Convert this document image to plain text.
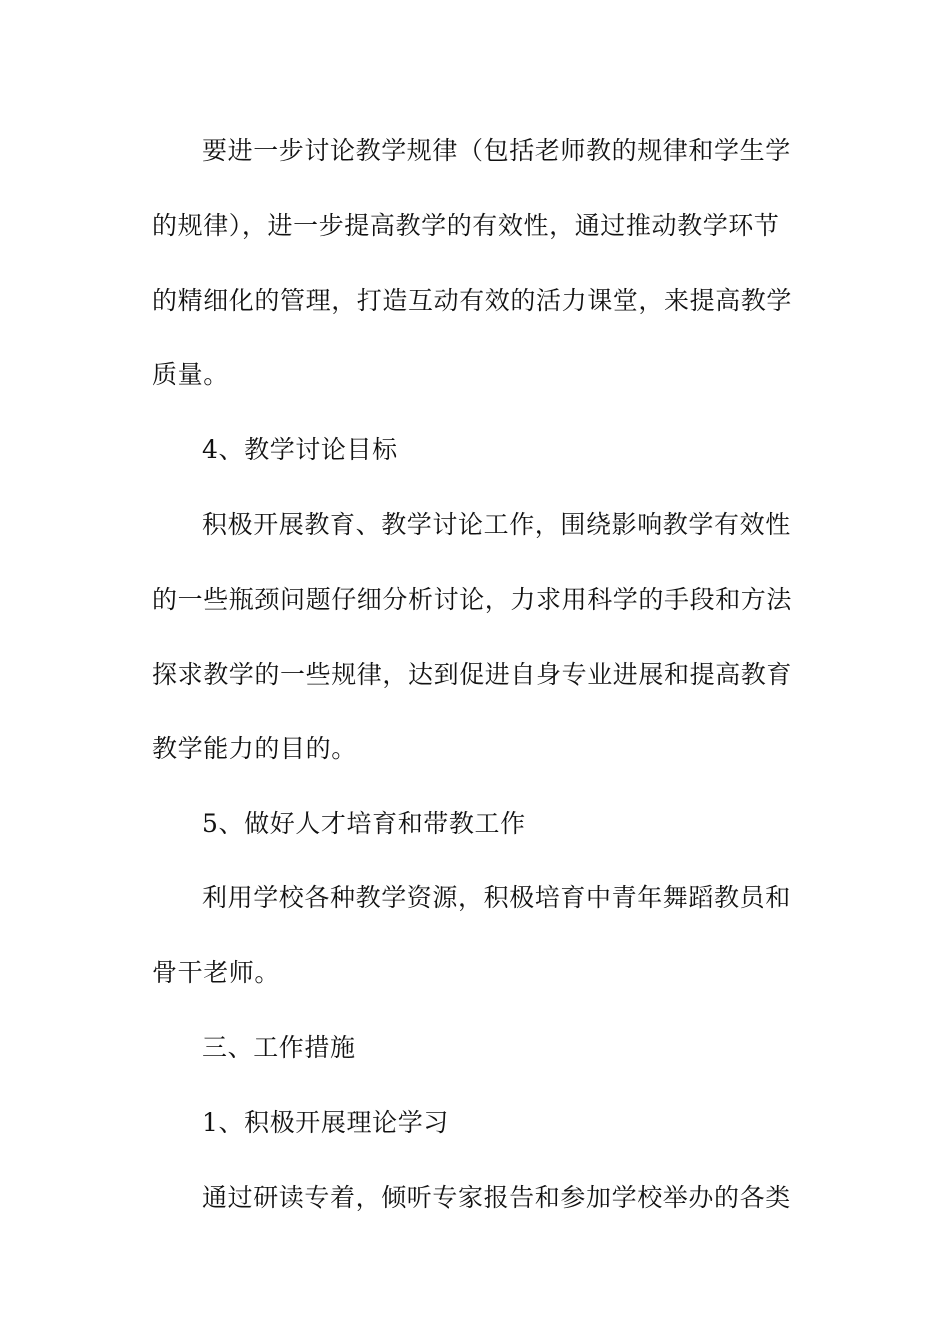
要进一步讨论教学规律（包括老师教的规律和学生学
的规律），进一步提高教学的有效性，通过推动教学环节
的精细化的管理，打造互动有效的活力课堂，来提高教学
质量。
4、教学讨论目标
积极开展教育、教学讨论工作，围绕影响教学有效性
的一些瓶颈问题仔细分析讨论，力求用科学的手段和方法
探求教学的一些规律，达到促进自身专业进展和提高教育
教学能力的目的。
5、做好人才培育和带教工作
利用学校各种教学资源，积极培育中青年舞蹈教员和
骨干老师。
三、工作措施
1、积极开展理论学习
通过研读专着，倾听专家报告和参加学校举办的各类
